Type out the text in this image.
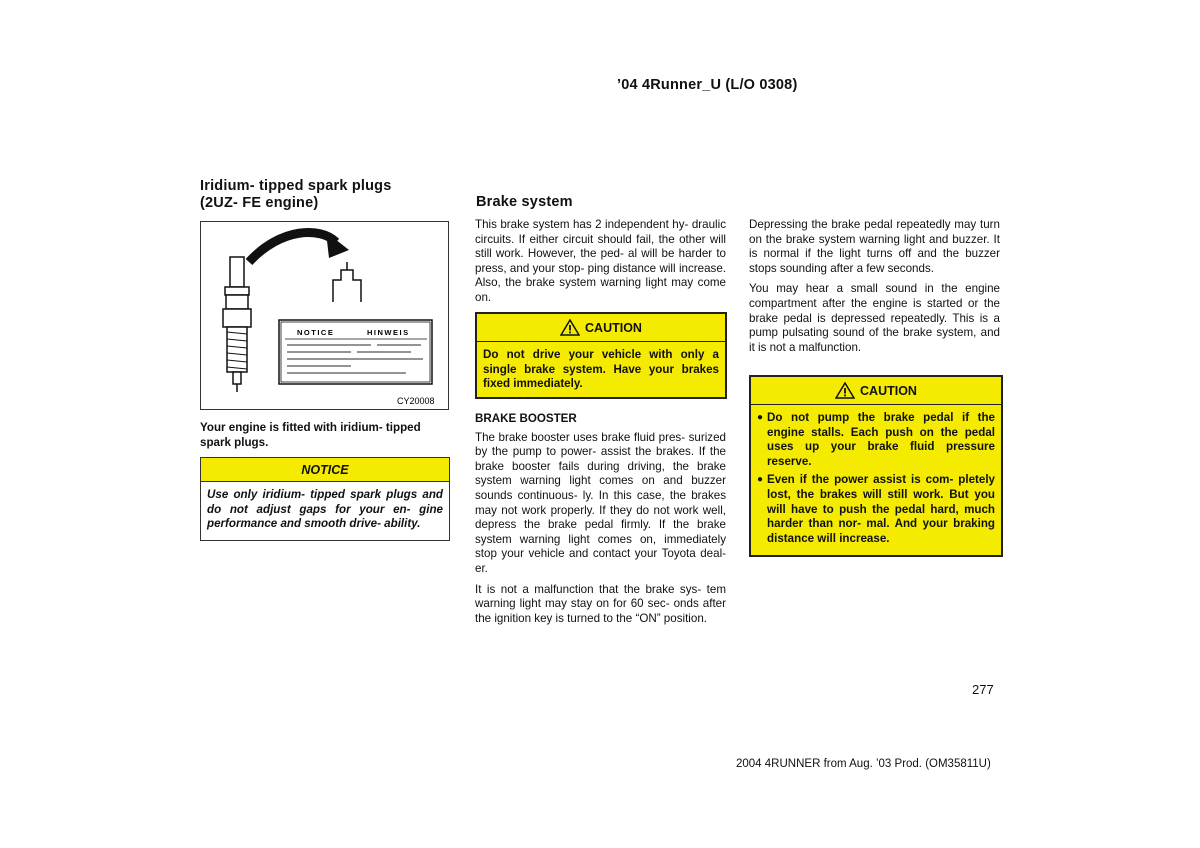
’04 4Runner_U (L/O 0308)
Iridium- tipped spark plugs
(2UZ- FE engine)
NOTICE	HINWEIS
CY20008
Your engine is fitted with iridium- tipped spark plugs.
NOTICE
Use only iridium- tipped spark plugs and do not adjust gaps for your en- gine performance and smooth drive- ability.
Brake system

This brake system has 2 independent hy- draulic circuits. If either circuit should fail, the other will still work. However, the ped- al will be harder to press, and your stop- ping distance will increase. Also, the brake system warning light may come on.

CAUTION
Do not drive your vehicle with only a single brake system. Have your brakes fixed immediately.
BRAKE BOOSTER

The brake booster uses brake fluid pres- surized by the pump to power- assist the brakes. If the brake booster fails during driving, the brake system warning light comes on and buzzer sounds continuous- ly. In this case, the brakes may not work properly. If they do not work well, depress the brake pedal firmly. If the brake system warning light comes on, immediately stop your vehicle and contact your Toyota deal- er.

It is not a malfunction that the brake sys- tem warning light may stay on for 60 sec- onds after the ignition key is turned to the “ON” position.

Depressing the brake pedal repeatedly may turn on the brake system warning light and buzzer. It is normal if the light turns off and the buzzer stops sounding after a few seconds.

You may hear a small sound in the engine compartment after the engine is started or the brake pedal is depressed repeatedly. This is a pump pulsating sound of the brake system, and it is not a malfunction.

CAUTION
● Do not pump the brake pedal if the engine stalls. Each push on the pedal uses up your brake fluid pressure reserve.
● Even if the power assist is com- pletely lost, the brakes will still work. But you will have to push the pedal hard, much harder than nor- mal. And your braking distance will increase.
277
2004 4RUNNER from Aug. ’03 Prod. (OM35811U)
